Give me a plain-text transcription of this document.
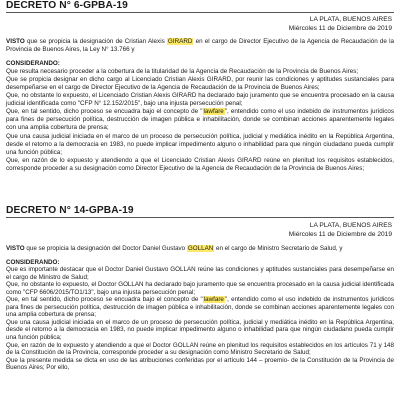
DECRETO N° 6-GPBA-19
LA PLATA, BUENOS AIRES
Miércoles 11 de Diciembre de 2019

VISTO que se propicia la designación de Cristian Alexis GIRARD en el cargo de Director Ejecutivo de la Agencia de Recaudación de la Provincia de Buenos Aires, la Ley N° 13.766 y

CONSIDERANDO:

Que resulta necesario proceder a la cobertura de la titularidad de la Agencia de Recaudación de la Provincia de Buenos Aires;

Que se propicia designar en dicho cargo al Licenciado Cristian Alexis GIRARD, por reunir las condiciones y aptitudes sustanciales para desempeñarse en el cargo de Director Ejecutivo de la Agencia de Recaudación de la Provincia de Buenos Aires;

Que, no obstante lo expuesto, el Licenciado Cristian Alexis GIRARD ha declarado bajo juramento que se encuentra procesado en la causa judicial identificada como "CFP N° 12.152/2015", bajo una injusta persecución penal;

Que, en tal sentido, dicho proceso se encuadra bajo el concepto de "lawfare", entendido como el uso indebido de instrumentos jurídicos para fines de persecución política, destrucción de imagen pública e inhabilitación, donde se combinan acciones aparentemente legales con una amplia cobertura de prensa;

Que una causa judicial iniciada en el marco de un proceso de persecución política, judicial y mediática inédito en la República Argentina, desde el retorno a la democracia en 1983, no puede implicar impedimento alguno o inhabilidad para que ningún ciudadano pueda cumplir una función pública;

Que, en razón de lo expuesto y atendiendo a que el Licenciado Cristian Alexis GIRARD reúne en plenitud los requisitos establecidos, corresponde proceder a su designación como Director Ejecutivo de la Agencia de Recaudación de la Provincia de Buenos Aires;

DECRETO N° 14-GPBA-19
LA PLATA, BUENOS AIRES
Miércoles 11 de Diciembre de 2019

VISTO que se propicia la designación del Doctor Daniel Gustavo GOLLAN en el cargo de Ministro Secretario de Salud, y

CONSIDERANDO:

Que es importante destacar que el Doctor Daniel Gustavo GOLLAN reúne las condiciones y aptitudes sustanciales para desempeñarse en el cargo de Ministro de Salud;

Que, no obstante lo expuesto, el Doctor GOLLAN ha declarado bajo juramento que se encuentra procesado en la causa judicial identificada como "CFP 6606/2015/TO1/13", bajo una injusta persecución penal;

Que, en tal sentido, dicho proceso se encuadra bajo el concepto de "lawfare", entendido como el uso indebido de instrumentos jurídicos para fines de persecución política, destrucción de imagen pública e inhabilitación, donde se combinan acciones aparentemente legales con una amplia cobertura de prensa;

Que una causa judicial iniciada en el marco de un proceso de persecución política, judicial y mediática inédito en la República Argentina, desde el retorno a la democracia en 1983, no puede implicar impedimento alguno o inhabilidad para que ningún ciudadano pueda cumplir una función pública;

Que, en razón de lo expuesto y atendiendo a que el Doctor GOLLAN reúne en plenitud los requisitos establecidos en los artículos 71 y 148 de la Constitución de la Provincia, corresponde proceder a su designación como Ministro Secretario de Salud;

Que la presente medida se dicta en uso de las atribuciones conferidas por el artículo 144 – proemio- de la Constitución de la Provincia de Buenos Aires; Por ello,
